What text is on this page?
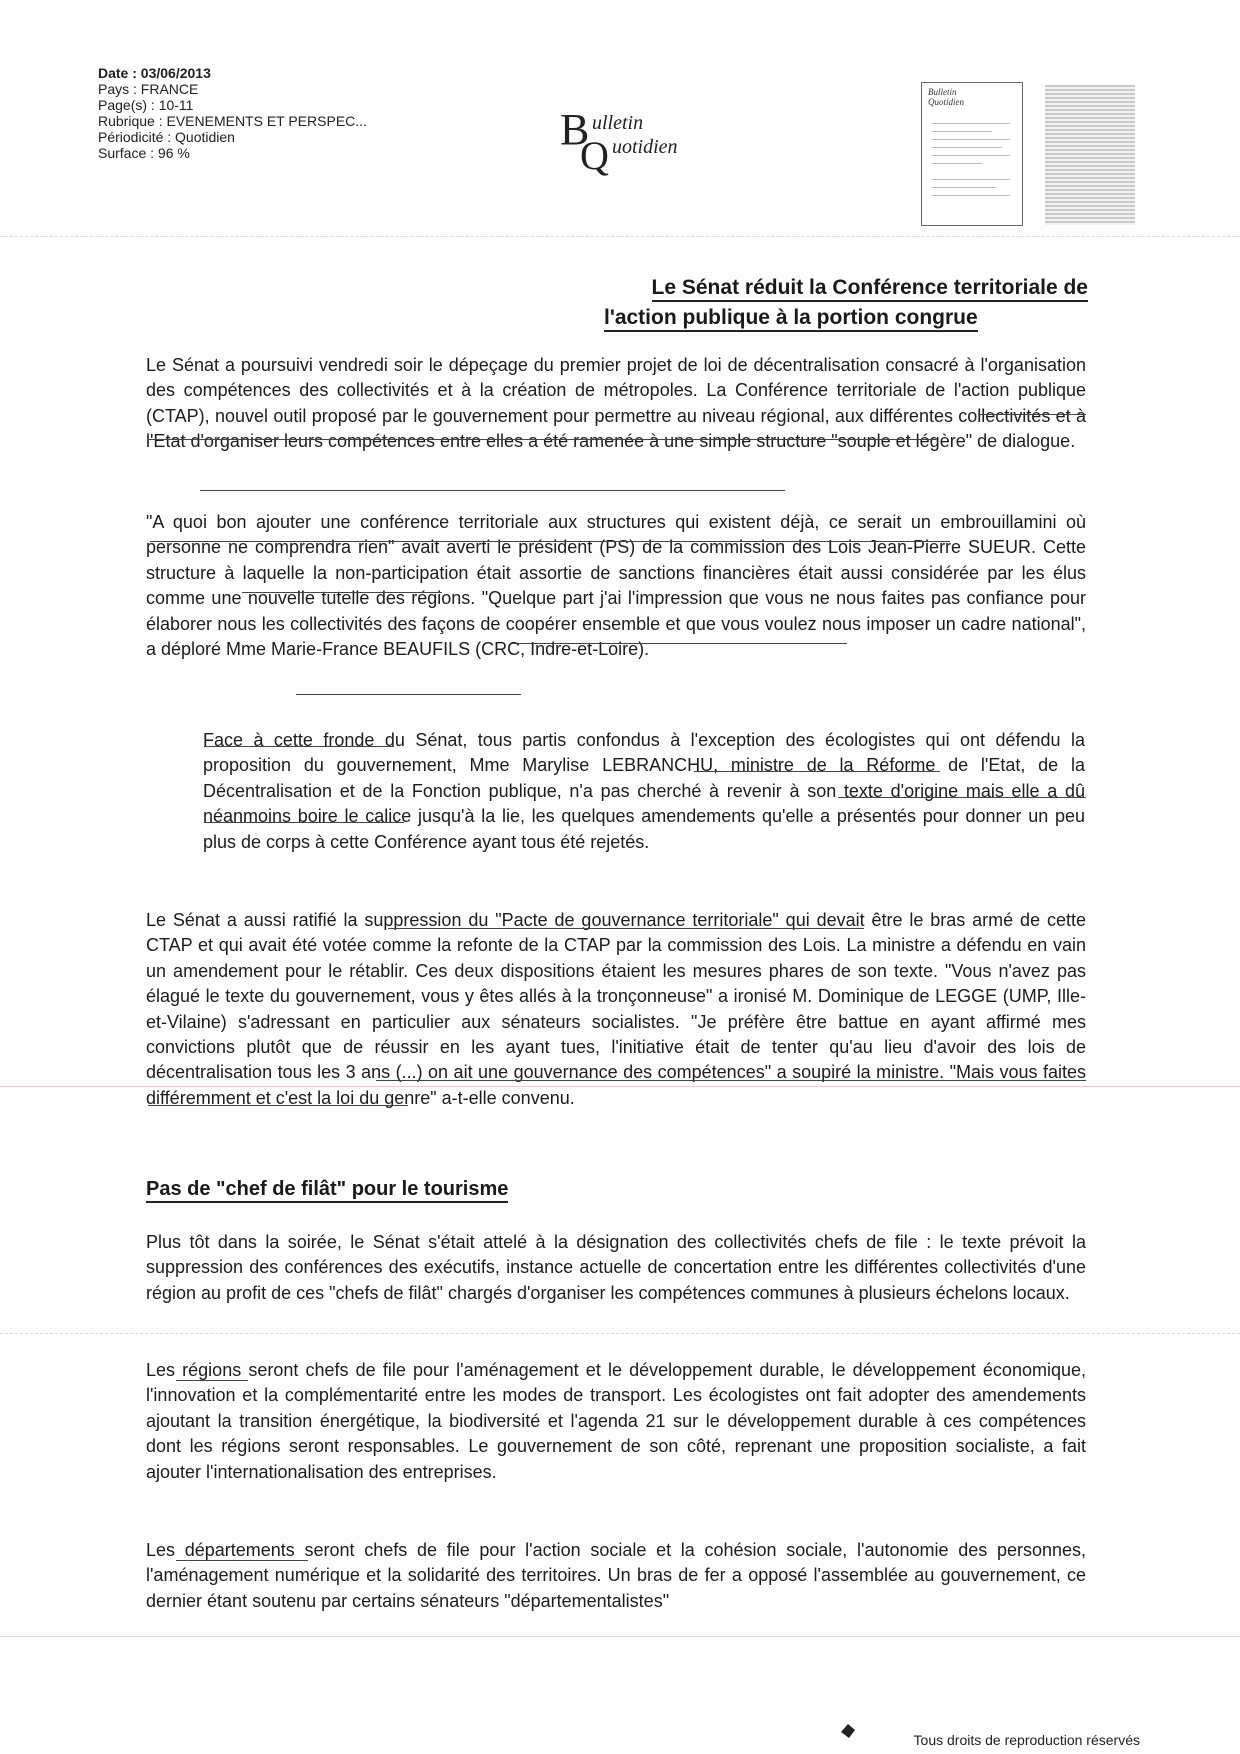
Date : 03/06/2013
Pays : FRANCE
Page(s) : 10-11
Rubrique : EVENEMENTS ET PERSPEC...
Périodicité : Quotidien
Surface : 96 %	B
Q
ulletin
uotidien
Bulletin
Quotidien
Le Sénat réduit la Conférence territoriale de
l'action publique à la portion congrue

Le Sénat a poursuivi vendredi soir le dépeçage du premier projet de loi de décentralisation consacré à l'organisation des compétences des collectivités et à la création de métropoles. La Conférence territoriale de l'action publique (CTAP), nouvel outil proposé par le gouvernement pour permettre au niveau régional, aux différentes collectivités et à l'Etat d'organiser leurs compétences entre elles a été ramenée à une simple structure "souple et légère" de dialogue.

"A quoi bon ajouter une conférence territoriale aux structures qui existent déjà, ce serait un embrouillamini où personne ne comprendra rien" avait averti le président (PS) de la commission des Lois Jean-Pierre SUEUR. Cette structure à laquelle la non-participation était assortie de sanctions financières était aussi considérée par les élus comme une nouvelle tutelle des régions. "Quelque part j'ai l'impression que vous ne nous faites pas confiance pour élaborer nous les collectivités des façons de coopérer ensemble et que vous voulez nous imposer un cadre national", a déploré Mme Marie-France BEAUFILS (CRC, Indre-et-Loire).

Face à cette fronde du Sénat, tous partis confondus à l'exception des écologistes qui ont défendu la proposition du gouvernement, Mme Marylise LEBRANCHU, ministre de la Réforme de l'Etat, de la Décentralisation et de la Fonction publique, n'a pas cherché à revenir à son texte d'origine mais elle a dû néanmoins boire le calice jusqu'à la lie, les quelques amendements qu'elle a présentés pour donner un peu plus de corps à cette Conférence ayant tous été rejetés.

Le Sénat a aussi ratifié la suppression du "Pacte de gouvernance territoriale" qui devait être le bras armé de cette CTAP et qui avait été votée comme la refonte de la CTAP par la commission des Lois. La ministre a défendu en vain un amendement pour le rétablir. Ces deux dispositions étaient les mesures phares de son texte. "Vous n'avez pas élagué le texte du gouvernement, vous y êtes allés à la tronçonneuse" a ironisé M. Dominique de LEGGE (UMP, Ille-et-Vilaine) s'adressant en particulier aux sénateurs socialistes. "Je préfère être battue en ayant affirmé mes convictions plutôt que de réussir en les ayant tues, l'initiative était de tenter qu'au lieu d'avoir des lois de décentralisation tous les 3 ans (...) on ait une gouvernance des compétences" a soupiré la ministre. "Mais vous faites différemment et c'est la loi du genre" a-t-elle convenu.

Pas de "chef de filât" pour le tourisme

Plus tôt dans la soirée, le Sénat s'était attelé à la désignation des collectivités chefs de file : le texte prévoit la suppression des conférences des exécutifs, instance actuelle de concertation entre les différentes collectivités d'une région au profit de ces "chefs de filât" chargés d'organiser les compétences communes à plusieurs échelons locaux.

Les régions seront chefs de file pour l'aménagement et le développement durable, le développement économique, l'innovation et la complémentarité entre les modes de transport. Les écologistes ont fait adopter des amendements ajoutant la transition énergétique, la biodiversité et l'agenda 21 sur le développement durable à ces compétences dont les régions seront responsables. Le gouvernement de son côté, reprenant une proposition socialiste, a fait ajouter l'internationalisation des entreprises.

Les départements seront chefs de file pour l'action sociale et la cohésion sociale, l'autonomie des personnes, l'aménagement numérique et la solidarité des territoires. Un bras de fer a opposé l'assemblée au gouvernement, ce dernier étant soutenu par certains sénateurs "départementalistes"

Tous droits de reproduction réservés
